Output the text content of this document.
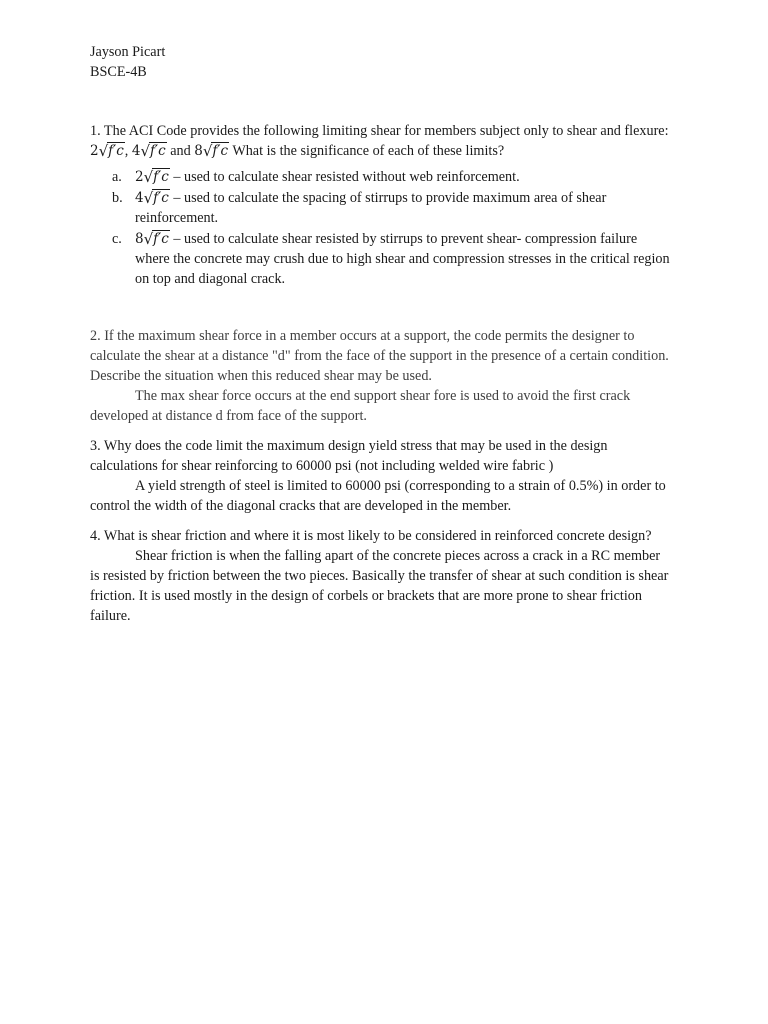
Jayson Picart

BSCE-4B

1. The ACI Code provides the following limiting shear for members subject only to shear and flexure: 2√f′c, 4√f′c and 8√f′c What is the significance of each of these limits?

a. 2√f′c – used to calculate shear resisted without web reinforcement.
b. 4√f′c – used to calculate the spacing of stirrups to provide maximum area of shear reinforcement.
c. 8√f′c – used to calculate shear resisted by stirrups to prevent shear- compression failure where the concrete may crush due to high shear and compression stresses in the critical region on top and diagonal crack.

2. If the maximum shear force in a member occurs at a support, the code permits the designer to calculate the shear at a distance "d" from the face of the support in the presence of a certain condition. Describe the situation when this reduced shear may be used.

The max shear force occurs at the end support shear fore is used to avoid the first crack developed at distance d from face of the support.

3. Why does the code limit the maximum design yield stress that may be used in the design calculations for shear reinforcing to 60000 psi (not including welded wire fabric )

A yield strength of steel is limited to 60000 psi (corresponding to a strain of 0.5%) in order to control the width of the diagonal cracks that are developed in the member.

4. What is shear friction and where it is most likely to be considered in reinforced concrete design?

Shear friction is when the falling apart of the concrete pieces across a crack in a RC member is resisted by friction between the two pieces. Basically the transfer of shear at such condition is shear friction. It is used mostly in the design of corbels or brackets that are more prone to shear friction failure.
